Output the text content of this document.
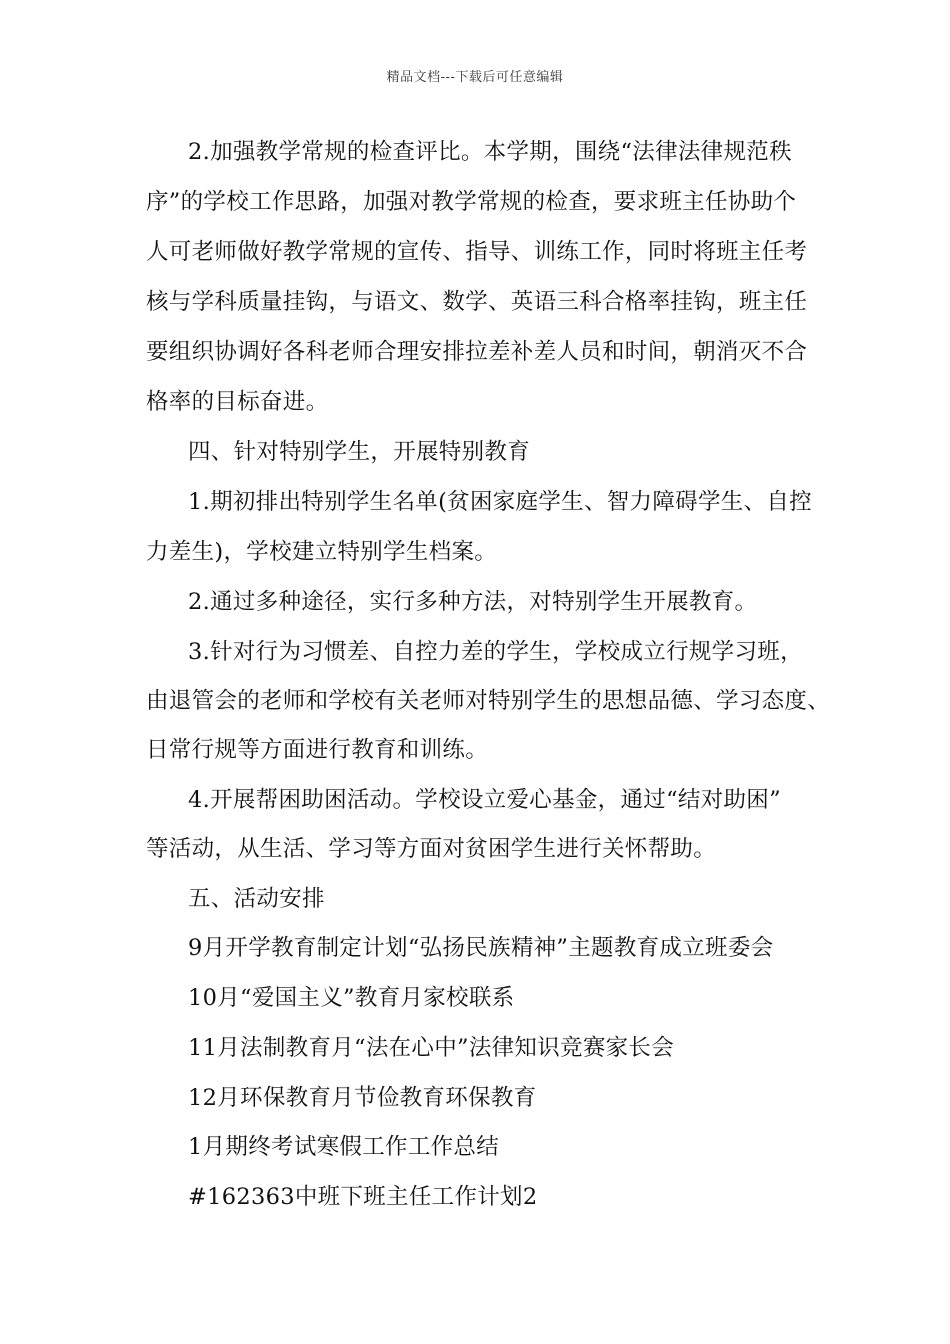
精品文档---下载后可任意编辑
2.加强教学常规的检查评比。本学期，围绕“法律法律规范秩
序”的学校工作思路，加强对教学常规的检查，要求班主任协助个
人可老师做好教学常规的宣传、指导、训练工作，同时将班主任考
核与学科质量挂钩，与语文、数学、英语三科合格率挂钩，班主任
要组织协调好各科老师合理安排拉差补差人员和时间，朝消灭不合
格率的目标奋进。
四、针对特别学生，开展特别教育
1.期初排出特别学生名单(贫困家庭学生、智力障碍学生、自控
力差生)，学校建立特别学生档案。
2.通过多种途径，实行多种方法，对特别学生开展教育。
3.针对行为习惯差、自控力差的学生，学校成立行规学习班，
由退管会的老师和学校有关老师对特别学生的思想品德、学习态度、
日常行规等方面进行教育和训练。
4.开展帮困助困活动。学校设立爱心基金，通过“结对助困”
等活动，从生活、学习等方面对贫困学生进行关怀帮助。
五、活动安排
9月开学教育制定计划“弘扬民族精神”主题教育成立班委会
10月“爱国主义”教育月家校联系
11月法制教育月“法在心中”法律知识竞赛家长会
12月环保教育月节俭教育环保教育
1月期终考试寒假工作工作总结
#162363中班下班主任工作计划2
